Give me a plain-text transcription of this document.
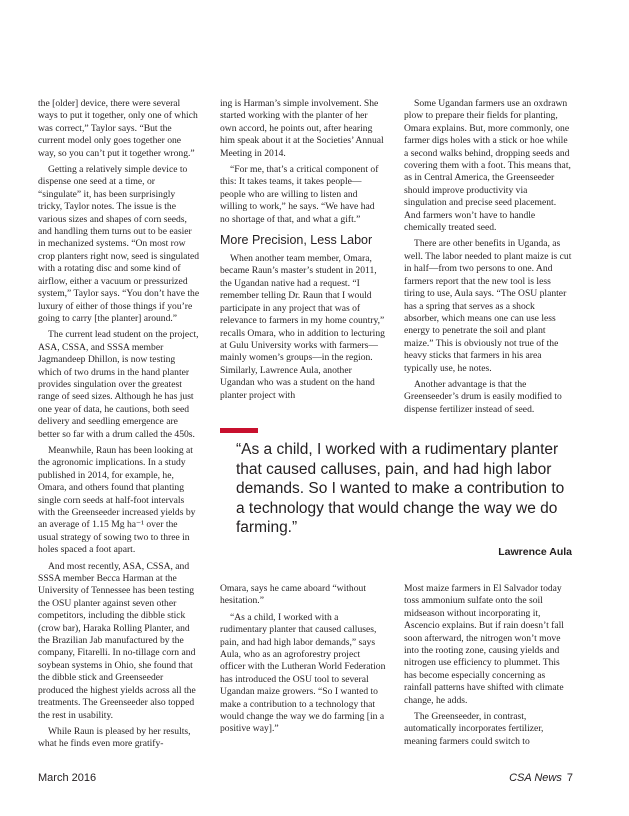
the [older] device, there were several ways to put it together, only one of which was correct,” Taylor says. “But the current model only goes together one way, so you can’t put it together wrong.”

Getting a relatively simple device to dispense one seed at a time, or “singulate” it, has been surprisingly tricky, Taylor notes. The issue is the various sizes and shapes of corn seeds, and handling them turns out to be easier in mechanized systems. “On most row crop planters right now, seed is singulated with a rotating disc and some kind of airflow, either a vacuum or pressurized system,” Taylor says. “You don’t have the luxury of either of those things if you’re going to carry [the planter] around.”

The current lead student on the project, ASA, CSSA, and SSSA member Jagmandeep Dhillon, is now testing which of two drums in the hand planter provides singulation over the greatest range of seed sizes. Although he has just one year of data, he cautions, both seed delivery and seedling emergence are better so far with a drum called the 450s.

Meanwhile, Raun has been looking at the agronomic implications. In a study published in 2014, for example, he, Omara, and others found that planting single corn seeds at half-foot intervals with the Greenseeder increased yields by an average of 1.15 Mg ha⁻¹ over the usual strategy of sowing two to three in holes spaced a foot apart.

And most recently, ASA, CSSA, and SSSA member Becca Harman at the University of Tennessee has been testing the OSU planter against seven other competitors, including the dibble stick (crow bar), Haraka Rolling Planter, and the Brazilian Jab manufactured by the company, Fitarelli. In no-tillage corn and soybean systems in Ohio, she found that the dibble stick and Greenseeder produced the highest yields across all the treatments. The Greenseeder also topped the rest in usability.

While Raun is pleased by her results, what he finds even more gratify-

ing is Harman’s simple involvement. She started working with the planter of her own accord, he points out, after hearing him speak about it at the Societies’ Annual Meeting in 2014.

“For me, that’s a critical component of this: It takes teams, it takes people—people who are willing to listen and willing to work,” he says. “We have had no shortage of that, and what a gift.”

More Precision, Less Labor

When another team member, Omara, became Raun’s master’s student in 2011, the Ugandan native had a request. “I remember telling Dr. Raun that I would participate in any project that was of relevance to farmers in my home country,” recalls Omara, who in addition to lecturing at Gulu University works with farmers—mainly women’s groups—in the region. Similarly, Lawrence Aula, another Ugandan who was a student on the hand planter project with

Some Ugandan farmers use an oxdrawn plow to prepare their fields for planting, Omara explains. But, more commonly, one farmer digs holes with a stick or hoe while a second walks behind, dropping seeds and covering them with a foot. This means that, as in Central America, the Greenseeder should improve productivity via singulation and precise seed placement. And farmers won’t have to handle chemically treated seed.

There are other benefits in Uganda, as well. The labor needed to plant maize is cut in half—from two persons to one. And farmers report that the new tool is less tiring to use, Aula says. “The OSU planter has a spring that serves as a shock absorber, which means one can use less energy to penetrate the soil and plant maize.” This is obviously not true of the heavy sticks that farmers in his area typically use, he notes.

Another advantage is that the Greenseeder’s drum is easily modified to dispense fertilizer instead of seed.

“As a child, I worked with a rudimentary planter that caused calluses, pain, and had high labor demands. So I wanted to make a contribution to a technology that would change the way we do farming.”

Lawrence Aula

Omara, says he came aboard “without hesitation.”

“As a child, I worked with a rudimentary planter that caused calluses, pain, and had high labor demands,” says Aula, who as an agroforestry project officer with the Lutheran World Federation has introduced the OSU tool to several Ugandan maize growers. “So I wanted to make a contribution to a technology that would change the way we do farming [in a positive way].”

Most maize farmers in El Salvador today toss ammonium sulfate onto the soil midseason without incorporating it, Ascencio explains. But if rain doesn’t fall soon afterward, the nitrogen won’t move into the rooting zone, causing yields and nitrogen use efficiency to plummet. This has become especially concerning as rainfall patterns have shifted with climate change, he adds.

The Greenseeder, in contrast, automatically incorporates fertilizer, meaning farmers could switch to

March 2016	CSA News 7
